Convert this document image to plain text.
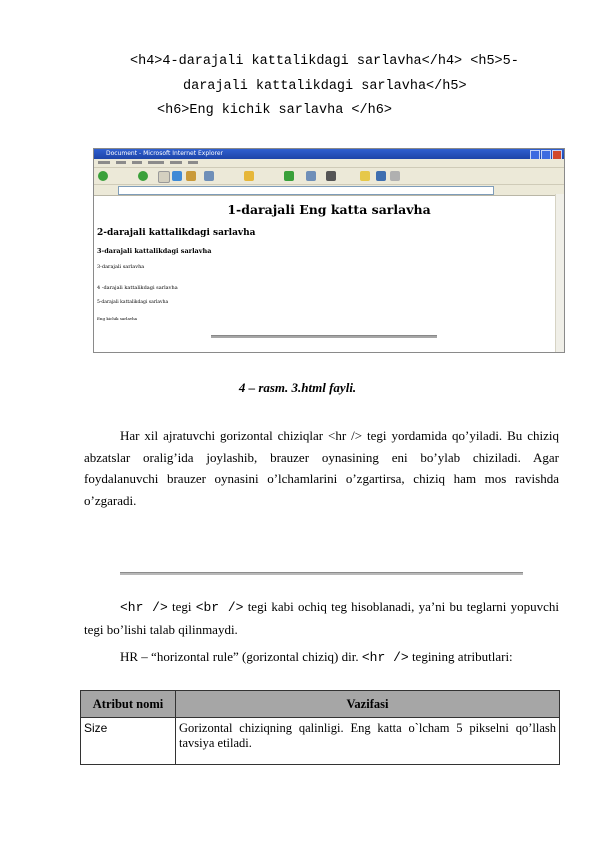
<h4>4-darajali kattalikdagi sarlavha</h4> <h5>5-
darajali kattalikdagi sarlavha</h5>
<h6>Eng kichik sarlavha </h6>
Document - Microsoft Internet Explorer
1-darajali Eng katta sarlavha
2-darajali kattalikdagi sarlavha
3-darajali kattalikdagi sarlavha
3-darajali sarlavha
4 -darajali kattalikdagi sarlavha
5-darajali kattalikdagi sarlavha
Eng kichik sarlavha
4 – rasm. 3.html fayli.
Har xil ajratuvchi gorizontal chiziqlar <hr /> tegi yordamida qo’yiladi. Bu chiziq abzatslar oralig’ida joylashib, brauzer oynasining eni bo’ylab chiziladi. Agar foydalanuvchi brauzer oynasini o’lchamlarini o’zgartirsa, chiziq ham mos ravishda o’zgaradi.
<hr /> tegi <br /> tegi kabi ochiq teg hisoblanadi, ya’ni bu teglarni yopuvchi tegi bo’lishi talab qilinmaydi.
HR – “horizontal rule” (gorizontal chiziq) dir. <hr /> tegining atributlari:
Atribut nomi	Vazifasi
Size	Gorizontal chiziqning qalinligi. Eng katta o`lcham 5 pikselni qo’llash tavsiya etiladi.
